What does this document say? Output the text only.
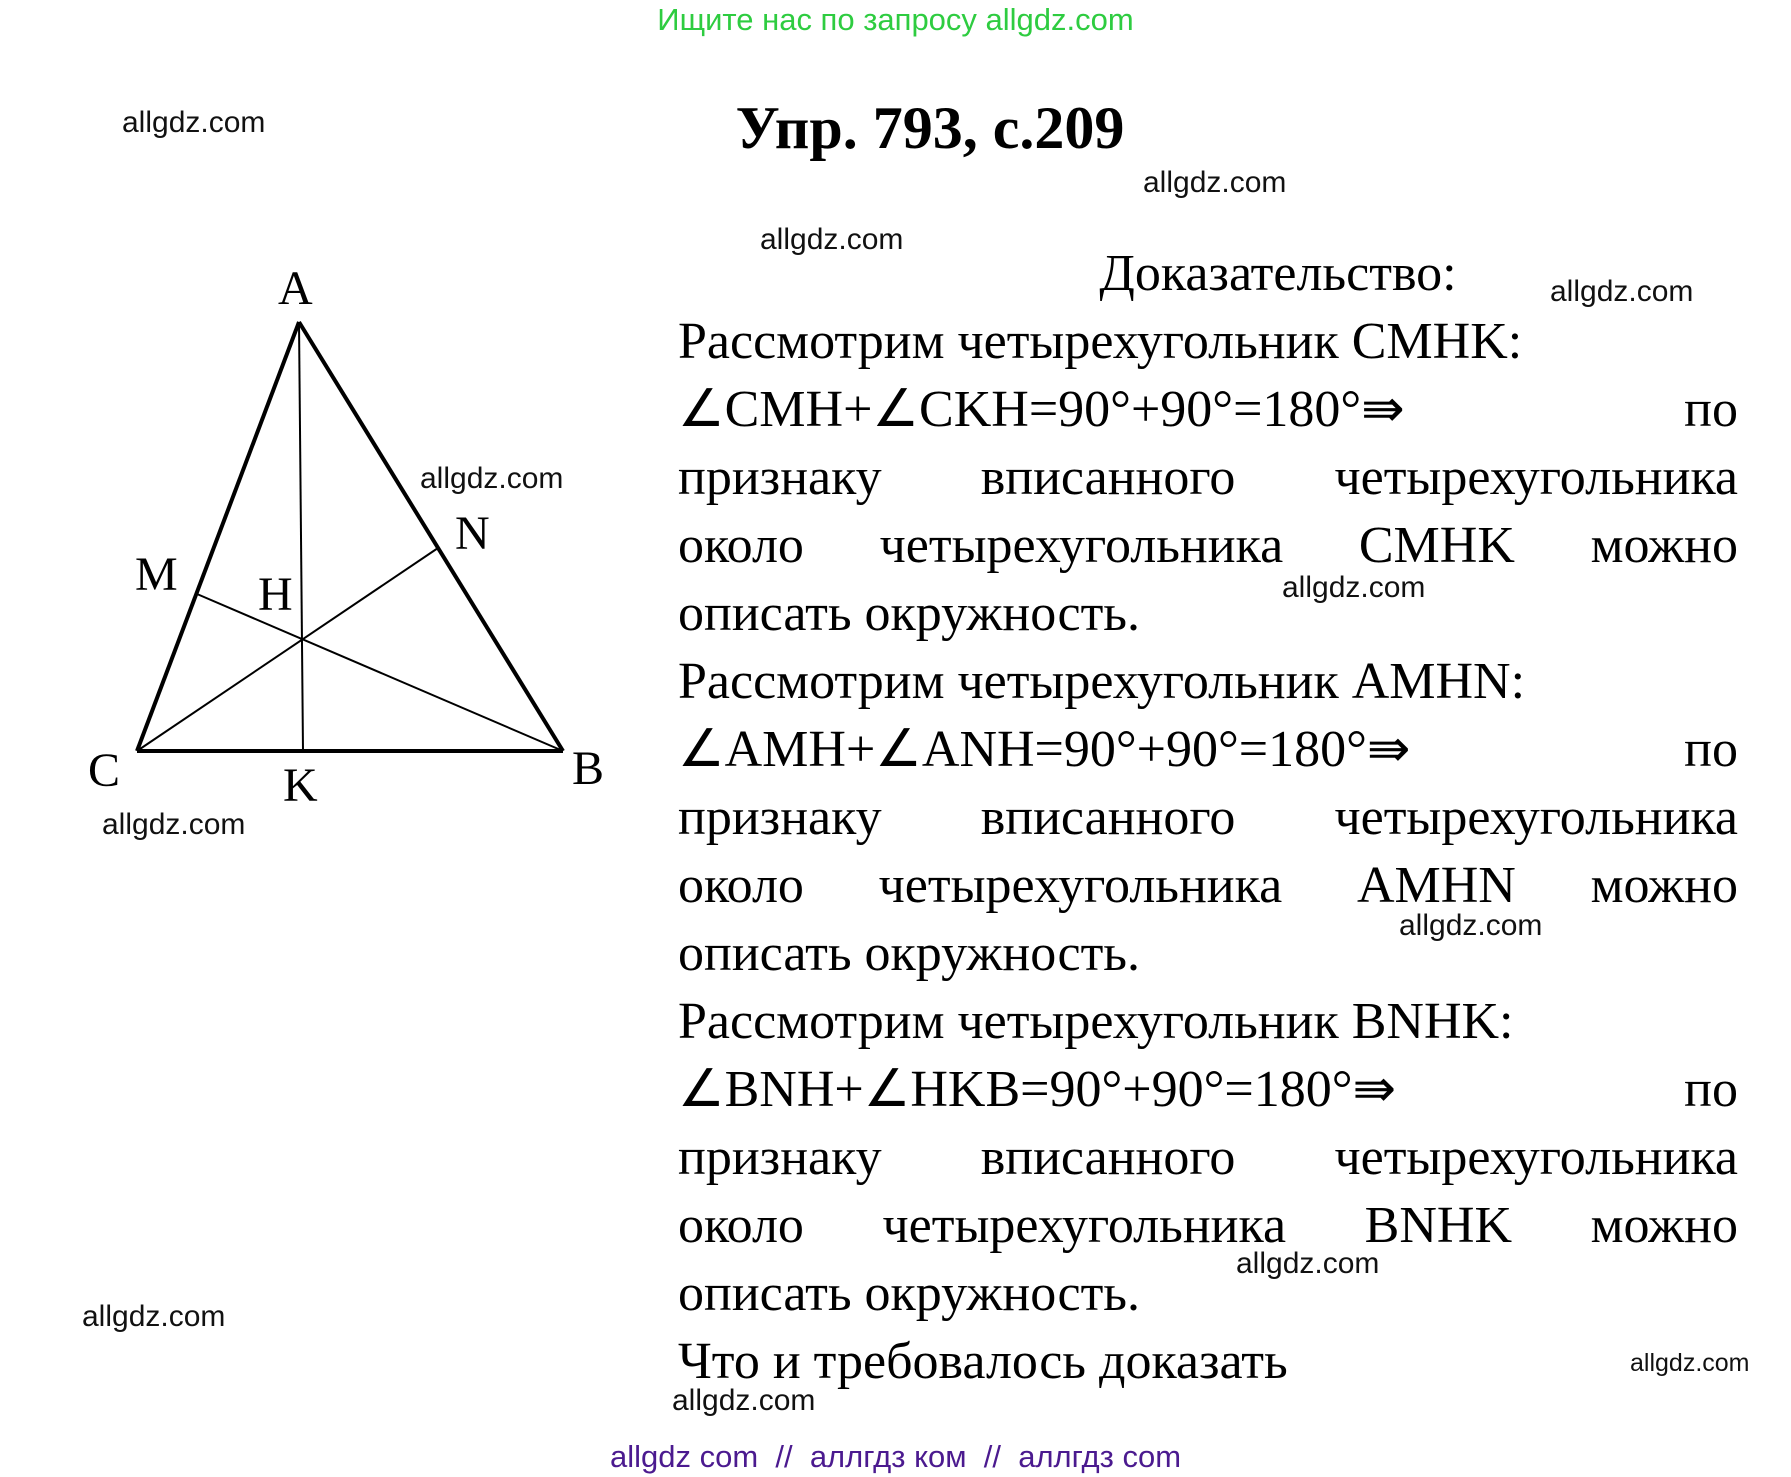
Ищите нас по запросу allgdz.com
Упр. 793, с.209
A
B
C
M
N
H
K
Доказательство:
Рассмотрим четырехугольник CMHK:
∠CMH+∠CKH=90°+90°=180°⇛ по
признаку вписанного четырехугольника
около четырехугольника CMHK можно
описать окружность.
Рассмотрим четырехугольник AMHN:
∠AMH+∠ANH=90°+90°=180°⇛ по
признаку вписанного четырехугольника
около четырехугольника AMHN можно
описать окружность.
Рассмотрим четырехугольник BNHK:
∠BNH+∠HKB=90°+90°=180°⇛ по
признаку вписанного четырехугольника
около четырехугольника BNHK можно
описать окружность.
Что и требовалось доказать
allgdz.com
allgdz.com
allgdz.com
allgdz.com
allgdz.com
allgdz.com
allgdz.com
allgdz.com
allgdz.com
allgdz.com
allgdz.com
allgdz.com
allgdz com  //  аллгдз ком  //  аллгдз com
